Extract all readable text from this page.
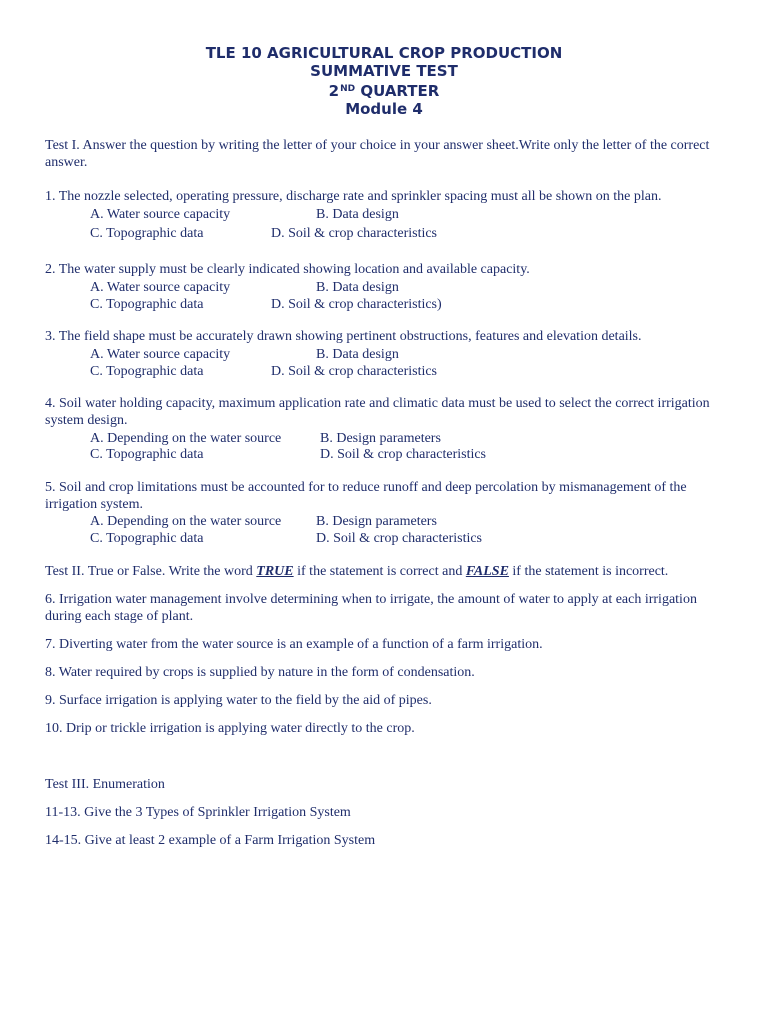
TLE 10 AGRICULTURAL CROP PRODUCTION
SUMMATIVE TEST
2ND QUARTER
Module 4
Test I. Answer the question by writing the letter of your choice in your answer sheet.Write only the letter of the correct answer.
1. The nozzle selected, operating pressure, discharge rate and sprinkler spacing must all be shown on the plan.
A. Water source capacity	B. Data design
C. Topographic data	D. Soil & crop characteristics
2. The water supply must be clearly indicated showing location and available capacity.
A. Water source capacity	B. Data design
C. Topographic data	D. Soil & crop characteristics)
3. The field shape must be accurately drawn showing pertinent obstructions, features and elevation details.
A. Water source capacity	B. Data design
C. Topographic data	D. Soil & crop characteristics
4. Soil water holding capacity, maximum application rate and climatic data must be used to select the correct irrigation system design.
A. Depending on the water source	B. Design parameters
C. Topographic data	D. Soil & crop characteristics
5. Soil and crop limitations must be accounted for to reduce runoff and deep percolation by mismanagement of the irrigation system.
A. Depending on the water source B. Design parameters
C. Topographic data	D. Soil & crop characteristics
Test II. True or False. Write the word TRUE if the statement is correct and FALSE if the statement is incorrect.
6. Irrigation water management involve determining when to irrigate, the amount of water to apply at each irrigation during each stage of plant.
7. Diverting water from the water source is an example of a function of a farm irrigation.
8. Water required by crops is supplied by nature in the form of condensation.
9. Surface irrigation is applying water to the field by the aid of pipes.
10. Drip or trickle irrigation is applying water directly to the crop.
Test III. Enumeration
11-13. Give the 3 Types of Sprinkler Irrigation System
14-15. Give at least 2 example of a Farm Irrigation System
